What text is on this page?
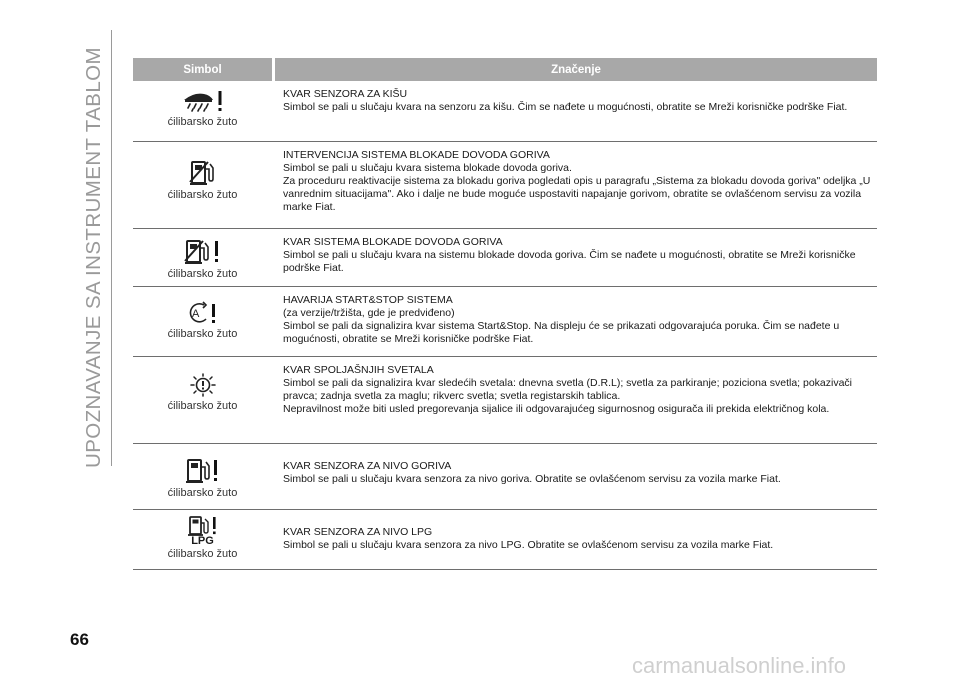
UPOZNAVANJE SA INSTRUMENT TABLOM	Simbol	Značenje
ćilibarsko žuto

KVAR SENZORA ZA KIŠU

Simbol se pali u slučaju kvara na senzoru za kišu. Čim se nađete u mogućnosti, obratite se Mreži korisničke podrške Fiat.

ćilibarsko žuto

INTERVENCIJA SISTEMA BLOKADE DOVODA GORIVA

Simbol se pali u slučaju kvara sistema blokade dovoda goriva.

Za proceduru reaktivacije sistema za blokadu goriva pogledati opis u paragrafu „Sistema za blokadu dovoda goriva" odeljka „U vanrednim situacijama". Ako i dalje ne bude moguće uspostaviti napajanje gorivom, obratite se ovlašćenom servisu za vozila marke Fiat.

ćilibarsko žuto

KVAR SISTEMA BLOKADE DOVODA GORIVA

Simbol se pali u slučaju kvara na sistemu blokade dovoda goriva. Čim se nađete u mogućnosti, obratite se Mreži korisničke podrške Fiat.

A
ćilibarsko žuto

HAVARIJA START&STOP SISTEMA

(za verzije/tržišta, gde je predviđeno)

Simbol se pali da signalizira kvar sistema Start&Stop. Na displeju će se prikazati odgovarajuća poruka. Čim se nađete u mogućnosti, obratite se Mreži korisničke podrške Fiat.

ćilibarsko žuto

KVAR SPOLJAŠNJIH SVETALA

Simbol se pali da signalizira kvar sledećih svetala: dnevna svetla (D.R.L); svetla za parkiranje; poziciona svetla; pokazivači pravca; zadnja svetla za maglu; rikverc svetla; svetla registarskih tablica.

Nepravilnost može biti usled pregorevanja sijalice ili odgovarajućeg sigurnosnog osigurača ili prekida električnog kola.

ćilibarsko žuto

KVAR SENZORA ZA NIVO GORIVA

Simbol se pali u slučaju kvara senzora za nivo goriva. Obratite se ovlašćenom servisu za vozila marke Fiat.

LPG
ćilibarsko žuto

KVAR SENZORA ZA NIVO LPG

Simbol se pali u slučaju kvara senzora za nivo LPG. Obratite se ovlašćenom servisu za vozila marke Fiat.

66
carmanualsonline.info
